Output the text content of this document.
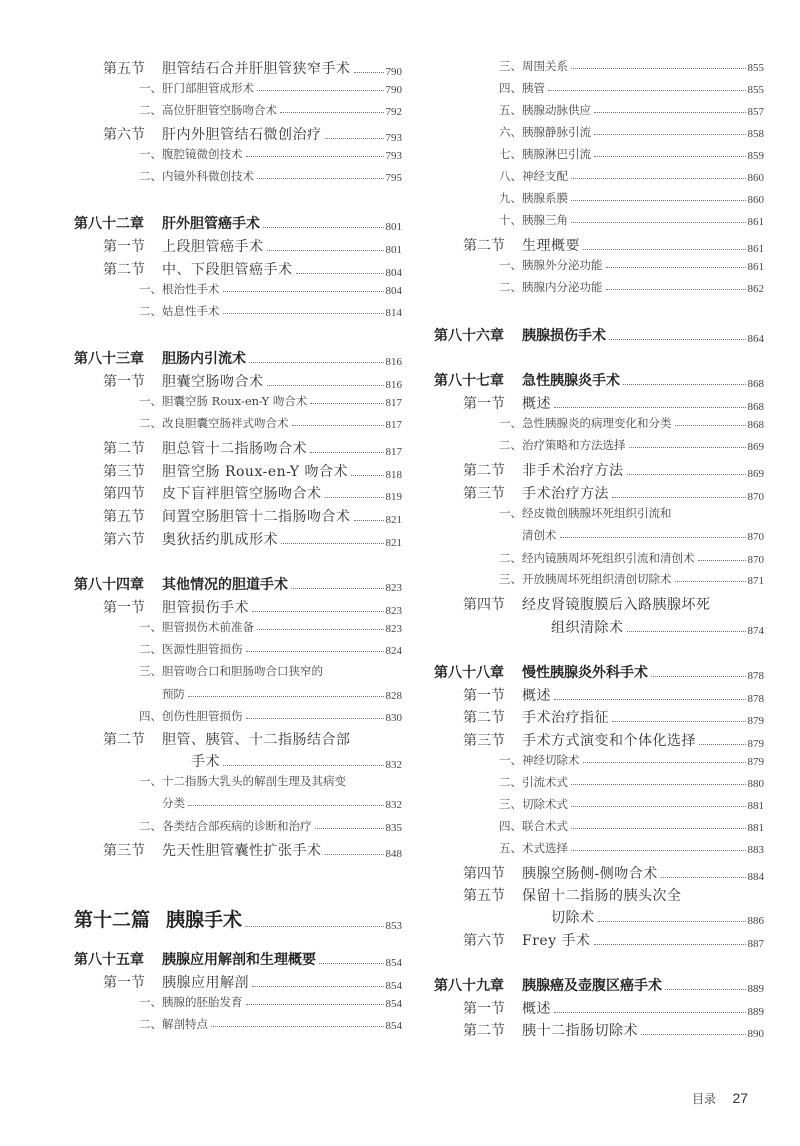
第五节	胆管结石合并肝胆管狭窄手术	790
一、 肝门部胆管成形术	790
二、 高位肝胆管空肠吻合术	792
第六节	肝内外胆管结石微创治疗	793
一、 腹腔镜微创技术	793
二、 内镜外科微创技术	795
第八十二章	肝外胆管癌手术	801
第一节	上段胆管癌手术	801
第二节	中、下段胆管癌手术	804
一、 根治性手术	804
二、 姑息性手术	814
第八十三章	胆肠内引流术	816
第一节	胆囊空肠吻合术	816
一、 胆囊空肠 Roux-en-Y 吻合术	817
二、 改良胆囊空肠袢式吻合术	817
第二节	胆总管十二指肠吻合术	817
第三节	胆管空肠 Roux-en-Y 吻合术	818
第四节	皮下盲袢胆管空肠吻合术	819
第五节	间置空肠胆管十二指肠吻合术	821
第六节	奥狄括约肌成形术	821
第八十四章	其他情况的胆道手术	823
第一节	胆管损伤手术	823
一、 胆管损伤术前准备	823
二、 医源性胆管损伤	824
三、 胆管吻合口和胆肠吻合口狭窄的
预防	828
四、 创伤性胆管损伤	830
第二节	胆管、胰管、十二指肠结合部
手术	832
一、 十二指肠大乳头的解剖生理及其病变
分类	832
二、 各类结合部疾病的诊断和治疗	835
第三节	先天性胆管囊性扩张手术	848
第十二篇 胰腺手术	853
第八十五章	胰腺应用解剖和生理概要	854
第一节	胰腺应用解剖	854
一、 胰腺的胚胎发育	854
二、 解剖特点	854
三、 周围关系	855
四、 胰管	855
五、 胰腺动脉供应	857
六、 胰腺静脉引流	858
七、 胰腺淋巴引流	859
八、 神经支配	860
九、 胰腺系膜	860
十、 胰腺三角	861
第二节	生理概要	861
一、 胰腺外分泌功能	861
二、 胰腺内分泌功能	862
第八十六章	胰腺损伤手术	864
第八十七章	急性胰腺炎手术	868
第一节	概述	868
一、 急性胰腺炎的病理变化和分类	868
二、 治疗策略和方法选择	869
第二节	非手术治疗方法	869
第三节	手术治疗方法	870
一、 经皮微创胰腺坏死组织引流和
清创术	870
二、 经内镜胰周坏死组织引流和清创术	870
三、 开放胰周坏死组织清创切除术	871
第四节	经皮肾镜腹膜后入路胰腺坏死
组织清除术	874
第八十八章	慢性胰腺炎外科手术	878
第一节	概述	878
第二节	手术治疗指征	879
第三节	手术方式演变和个体化选择	879
一、 神经切除术	879
二、 引流术式	880
三、 切除术式	881
四、 联合术式	881
五、 术式选择	883
第四节	胰腺空肠侧-侧吻合术	884
第五节	保留十二指肠的胰头次全
切除术	886
第六节	Frey 手术	887
第八十九章	胰腺癌及壶腹区癌手术	889
第一节	概述	889
第二节	胰十二指肠切除术	890
目录 27
